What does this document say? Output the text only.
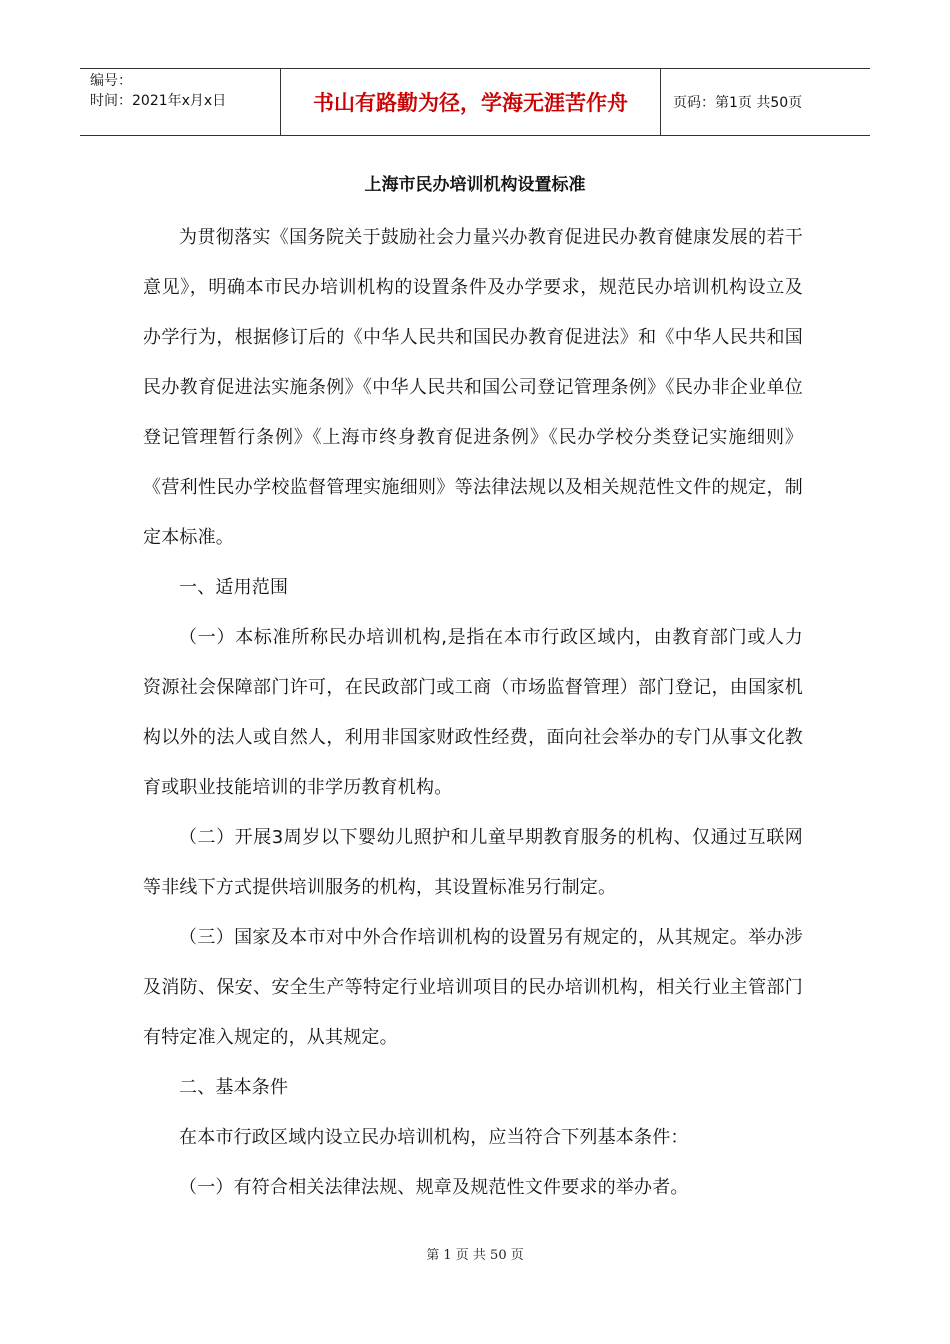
编号：
时间：2021年x月x日	书山有路勤为径，学海无涯苦作舟	页码：第1页 共50页
上海市民办培训机构设置标准

为贯彻落实《国务院关于鼓励社会力量兴办教育促进民办教育健康发展的若干意见》，明确本市民办培训机构的设置条件及办学要求，规范民办培训机构设立及办学行为，根据修订后的《中华人民共和国民办教育促进法》和《中华人民共和国民办教育促进法实施条例》《中华人民共和国公司登记管理条例》《民办非企业单位登记管理暂行条例》《上海市终身教育促进条例》《民办学校分类登记实施细则》《营利性民办学校监督管理实施细则》等法律法规以及相关规范性文件的规定，制定本标准。

一、适用范围

（一）本标准所称民办培训机构,是指在本市行政区域内，由教育部门或人力资源社会保障部门许可，在民政部门或工商（市场监督管理）部门登记，由国家机构以外的法人或自然人，利用非国家财政性经费，面向社会举办的专门从事文化教育或职业技能培训的非学历教育机构。

（二）开展3周岁以下婴幼儿照护和儿童早期教育服务的机构、仅通过互联网等非线下方式提供培训服务的机构，其设置标准另行制定。

（三）国家及本市对中外合作培训机构的设置另有规定的，从其规定。举办涉及消防、保安、安全生产等特定行业培训项目的民办培训机构，相关行业主管部门有特定准入规定的，从其规定。

二、基本条件

在本市行政区域内设立民办培训机构，应当符合下列基本条件：

（一）有符合相关法律法规、规章及规范性文件要求的举办者。

第 1 页 共 50 页
